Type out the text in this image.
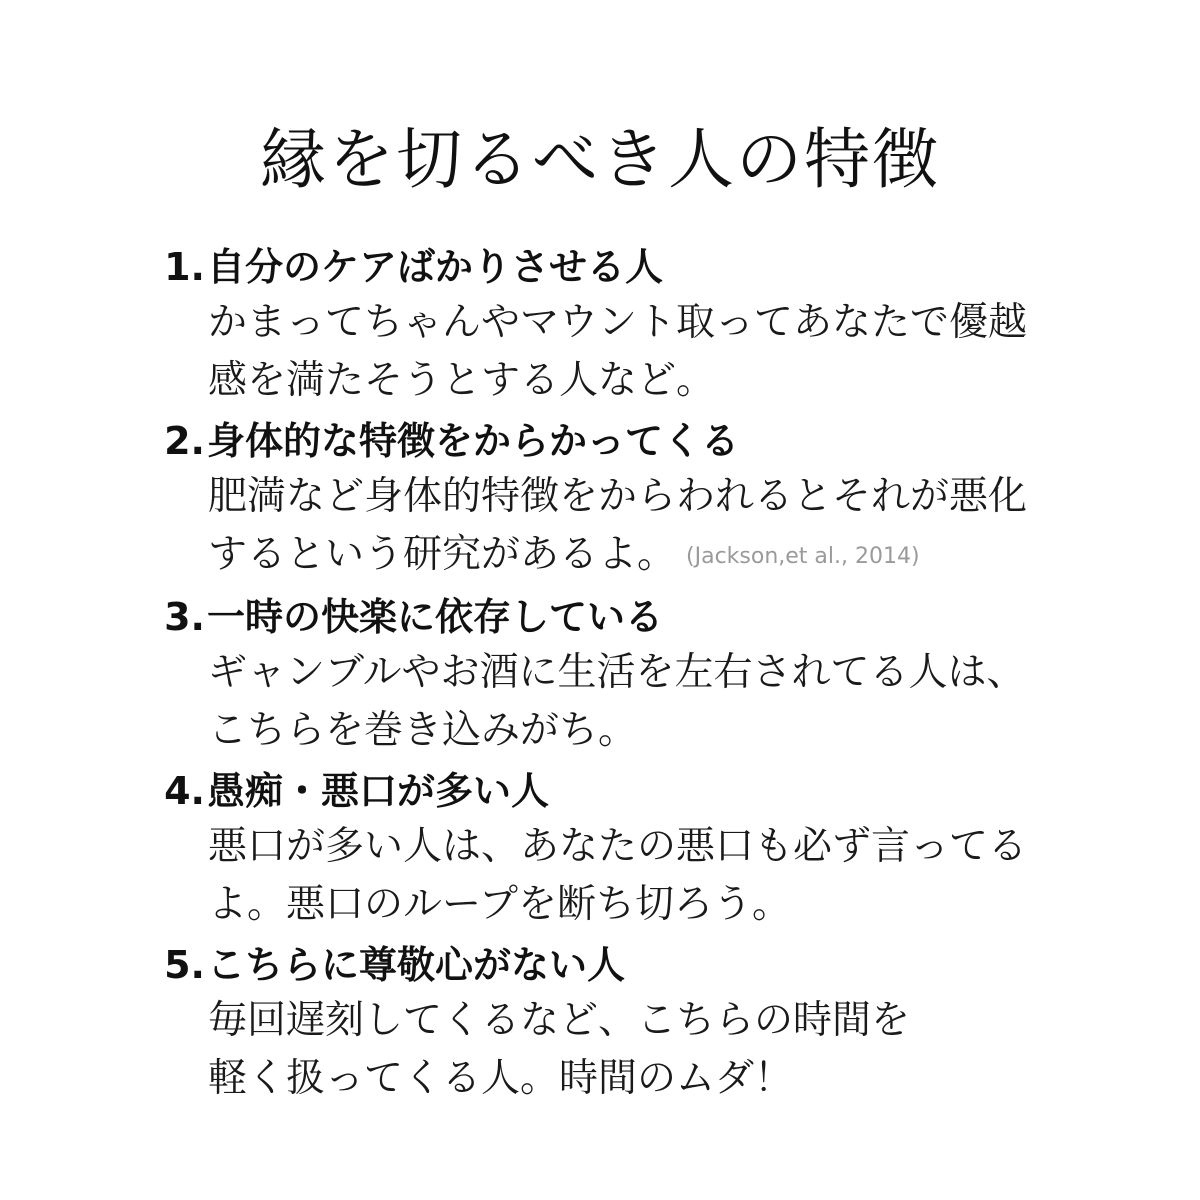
縁を切るべき人の特徴
1. 自分のケアばかりさせる人
かまってちゃんやマウント取ってあなたで優越
感を満たそうとする人など。
2. 身体的な特徴をからかってくる
肥満など身体的特徴をからわれるとそれが悪化
するという研究があるよ。 (Jackson,et al., 2014)
3. 一時の快楽に依存している
ギャンブルやお酒に生活を左右されてる人は、
こちらを巻き込みがち。
4. 愚痴・悪口が多い人
悪口が多い人は、あなたの悪口も必ず言ってる
よ。悪口のループを断ち切ろう。
5. こちらに尊敬心がない人
毎回遅刻してくるなど、こちらの時間を
軽く扱ってくる人。時間のムダ！
